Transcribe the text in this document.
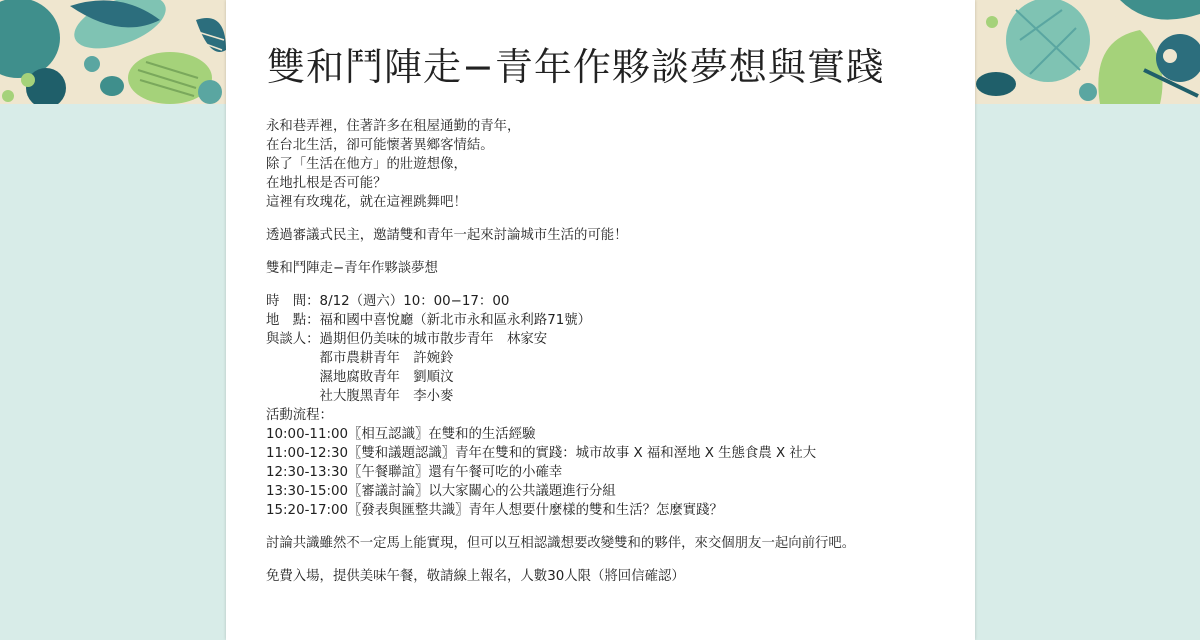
雙和鬥陣走−青年作夥談夢想與實踐
永和巷弄裡，住著許多在租屋通勤的青年，
在台北生活，卻可能懷著異鄉客情結。
除了「生活在他方」的壯遊想像，
在地扎根是否可能？
這裡有玫瑰花，就在這裡跳舞吧！
透過審議式民主，邀請雙和青年一起來討論城市生活的可能！
雙和鬥陣走−青年作夥談夢想
時　間：8/12（週六）10：00−17：00
地　點：福和國中喜悅廳（新北市永和區永利路71號）
與談人：過期但仍美味的城市散步青年　林家安
　　　　都市農耕青年　許婉鈴
　　　　濕地腐敗青年　劉順汶
　　　　社大腹黑青年　李小麥
活動流程：
10:00-11:00〖相互認識〗在雙和的生活經驗
11:00-12:30〖雙和議題認識〗青年在雙和的實踐：城市故事 X 福和溼地 X 生態食農 X 社大
12:30-13:30〖午餐聯誼〗還有午餐可吃的小確幸
13:30-15:00〖審議討論〗以大家關心的公共議題進行分組
15:20-17:00〖發表與匯整共識〗青年人想要什麼樣的雙和生活？怎麼實踐？
討論共識雖然不一定馬上能實現，但可以互相認識想要改變雙和的夥伴，來交個朋友一起向前行吧。
免費入場，提供美味午餐，敬請線上報名，人數30人限（將回信確認）
